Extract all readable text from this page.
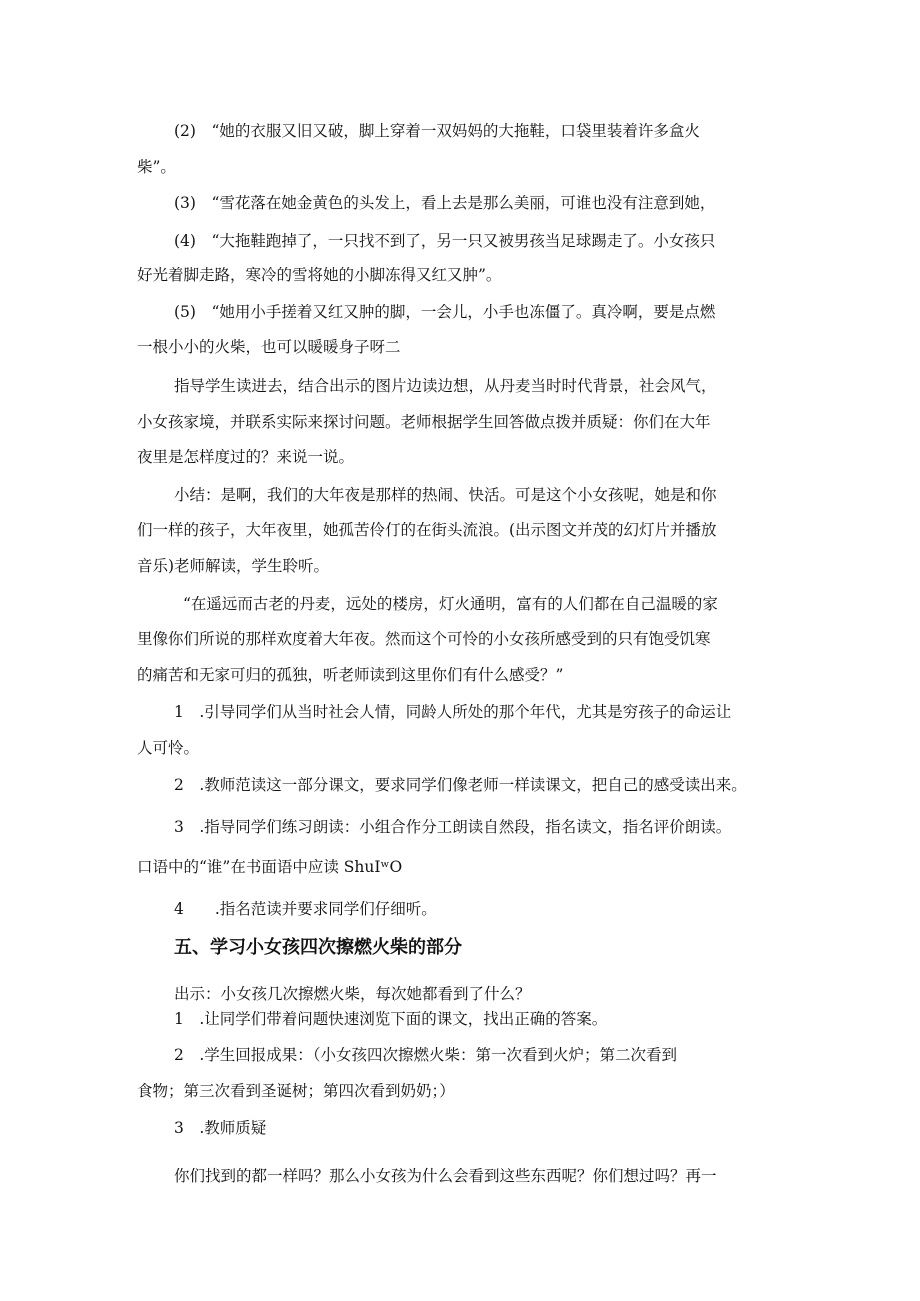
(2)　“她的衣服又旧又破，脚上穿着一双妈妈的大拖鞋，口袋里装着许多盒火
柴”。
(3)　“雪花落在她金黄色的头发上，看上去是那么美丽，可谁也没有注意到她，
(4)　“大拖鞋跑掉了，一只找不到了，另一只又被男孩当足球踢走了。小女孩只
好光着脚走路，寒冷的雪将她的小脚冻得又红又肿”。
(5)　“她用小手搓着又红又肿的脚，一会儿，小手也冻僵了。真冷啊，要是点燃
一根小小的火柴，也可以暖暖身子呀二
指导学生读进去，结合出示的图片边读边想，从丹麦当时时代背景，社会风气，
小女孩家境，并联系实际来探讨问题。老师根据学生回答做点拨并质疑：你们在大年
夜里是怎样度过的？来说一说。
小结：是啊，我们的大年夜是那样的热闹、快活。可是这个小女孩呢，她是和你
们一样的孩子，大年夜里，她孤苦伶仃的在街头流浪。(出示图文并茂的幻灯片并播放
音乐)老师解读，学生聆听。
“在遥远而古老的丹麦，远处的楼房，灯火通明，富有的人们都在自己温暖的家
里像你们所说的那样欢度着大年夜。然而这个可怜的小女孩所感受到的只有饱受饥寒
的痛苦和无家可归的孤独，听老师读到这里你们有什么感受？”
1　.引导同学们从当时社会人情，同龄人所处的那个年代，尤其是穷孩子的命运让
人可怜。
2　.教师范读这一部分课文，要求同学们像老师一样读课文，把自己的感受读出来。
3　.指导同学们练习朗读：小组合作分工朗读自然段，指名读文，指名评价朗读。
口语中的“谁”在书面语中应读 ShuIʷO
4　　.指名范读并要求同学们仔细听。
五、学习小女孩四次擦燃火柴的部分
出示：小女孩几次擦燃火柴，每次她都看到了什么？
1　.让同学们带着问题快速浏览下面的课文，找出正确的答案。
2　.学生回报成果：（小女孩四次擦燃火柴：第一次看到火炉；第二次看到
食物；第三次看到圣诞树；第四次看到奶奶；）
3　.教师质疑
你们找到的都一样吗？那么小女孩为什么会看到这些东西呢？你们想过吗？再一
